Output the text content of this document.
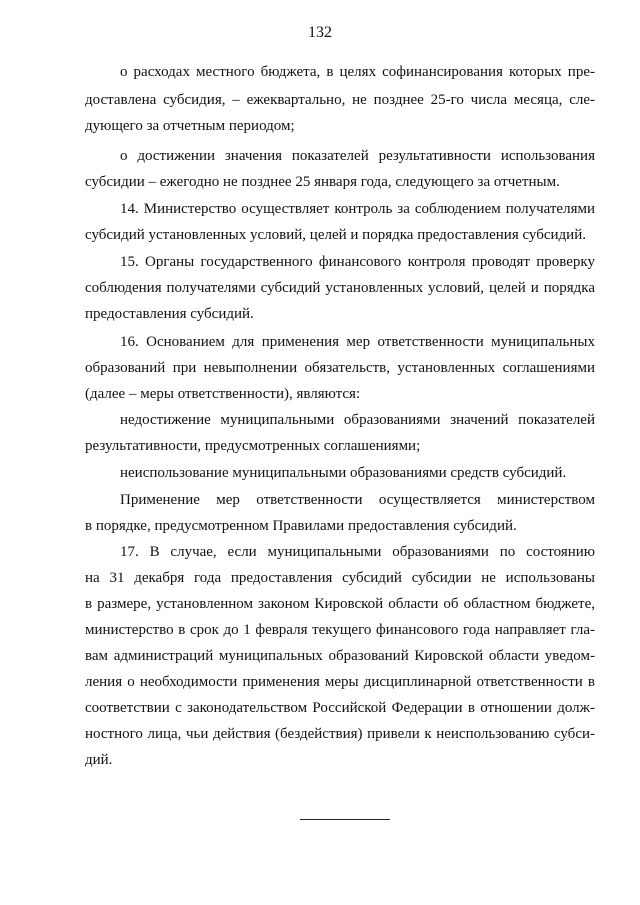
132
о расходах местного бюджета, в целях софинансирования которых пре-
доставлена субсидия, – ежеквартально, не позднее 25-го числа месяца, сле-
дующего за отчетным периодом;
о достижении значения показателей результативности использования
субсидии – ежегодно не позднее 25 января года, следующего за отчетным.
14. Министерство осуществляет контроль за соблюдением получателями
субсидий установленных условий, целей и порядка предоставления субсидий.
15. Органы государственного финансового контроля проводят проверку
соблюдения получателями субсидий установленных условий, целей и порядка
предоставления субсидий.
16. Основанием для применения мер ответственности муниципальных
образований при невыполнении обязательств, установленных соглашениями
(далее – меры ответственности), являются:
недостижение муниципальными образованиями значений показателей
результативности, предусмотренных соглашениями;
неиспользование муниципальными образованиями средств субсидий.
Применение мер ответственности осуществляется министерством
в порядке, предусмотренном Правилами предоставления субсидий.
17. В случае, если муниципальными образованиями по состоянию
на 31 декабря года предоставления субсидий субсидии не использованы
в размере, установленном законом Кировской области об областном бюджете,
министерство в срок до 1 февраля текущего финансового года направляет гла-
вам администраций муниципальных образований Кировской области уведом-
ления о необходимости применения меры дисциплинарной ответственности в
соответствии с законодательством Российской Федерации в отношении долж-
ностного лица, чьи действия (бездействия) привели к неиспользованию субси-
дий.
